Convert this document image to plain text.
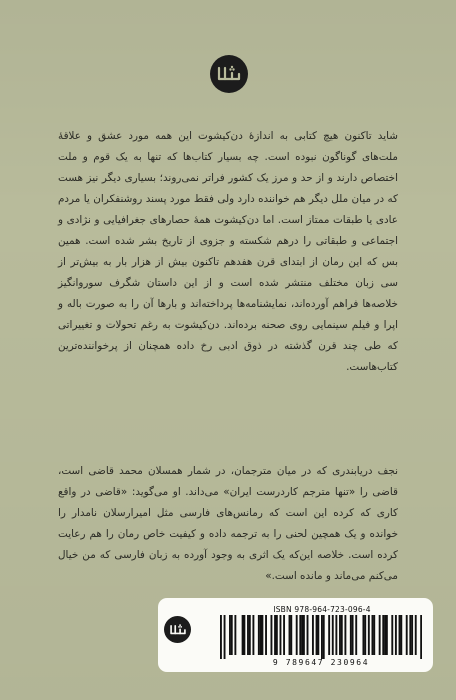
شاید تاکنون هیچ کتابی به اندازهٔ دن‌کیشوت این همه مورد عشق و علاقهٔ ملت‌های گوناگون نبوده است. چه بسیار کتاب‌ها که تنها به یک قوم و ملت اختصاص دارند و از حد و مرز یک کشور فراتر نمی‌روند؛ بسیاری دیگر نیز هست که در میان ملل دیگر هم خواننده دارد ولی فقط مورد پسند روشنفکران یا مردم عادی یا طبقات ممتاز است. اما دن‌کیشوت همهٔ حصارهای جغرافیایی و نژادی و اجتماعی و طبقاتی را درهم شکسته و جزوی از تاریخ بشر شده است. همین بس که این رمان از ابتدای قرن هفدهم تاکنون بیش از هزار بار به بیش‌تر از سی زبان مختلف منتشر شده است و از این داستان شگرف سوروانگیز خلاصه‌ها فراهم آورده‌اند، نمایشنامه‌ها پرداخته‌اند و بارها آن را به صورت باله و اپرا و فیلم سینمایی روی صحنه برده‌اند. دن‌کیشوت به رغم تحولات و تغییراتی که طی چند قرن گذشته در ذوق ادبی رخ داده همچنان از پرخواننده‌ترین کتاب‌هاست.

نجف دریابندری که در میان مترجمان، در شمار همسلان محمد قاضی است، قاضی را «تنها مترجم کاردرست ایران» می‌داند. او می‌گوید: «قاضی در واقع کاری که کرده این است که رمانس‌های فارسی مثل امیرارسلان نامدار را خوانده و یک همچین لحنی را به ترجمه داده و کیفیت خاص رمان را هم رعایت کرده است. خلاصه این‌که یک اثری به وجود آورده به زبان فارسی که من خیال می‌کنم می‌ماند و مانده است.»

ISBN 978-964-723-096-4
9 789647 230964
